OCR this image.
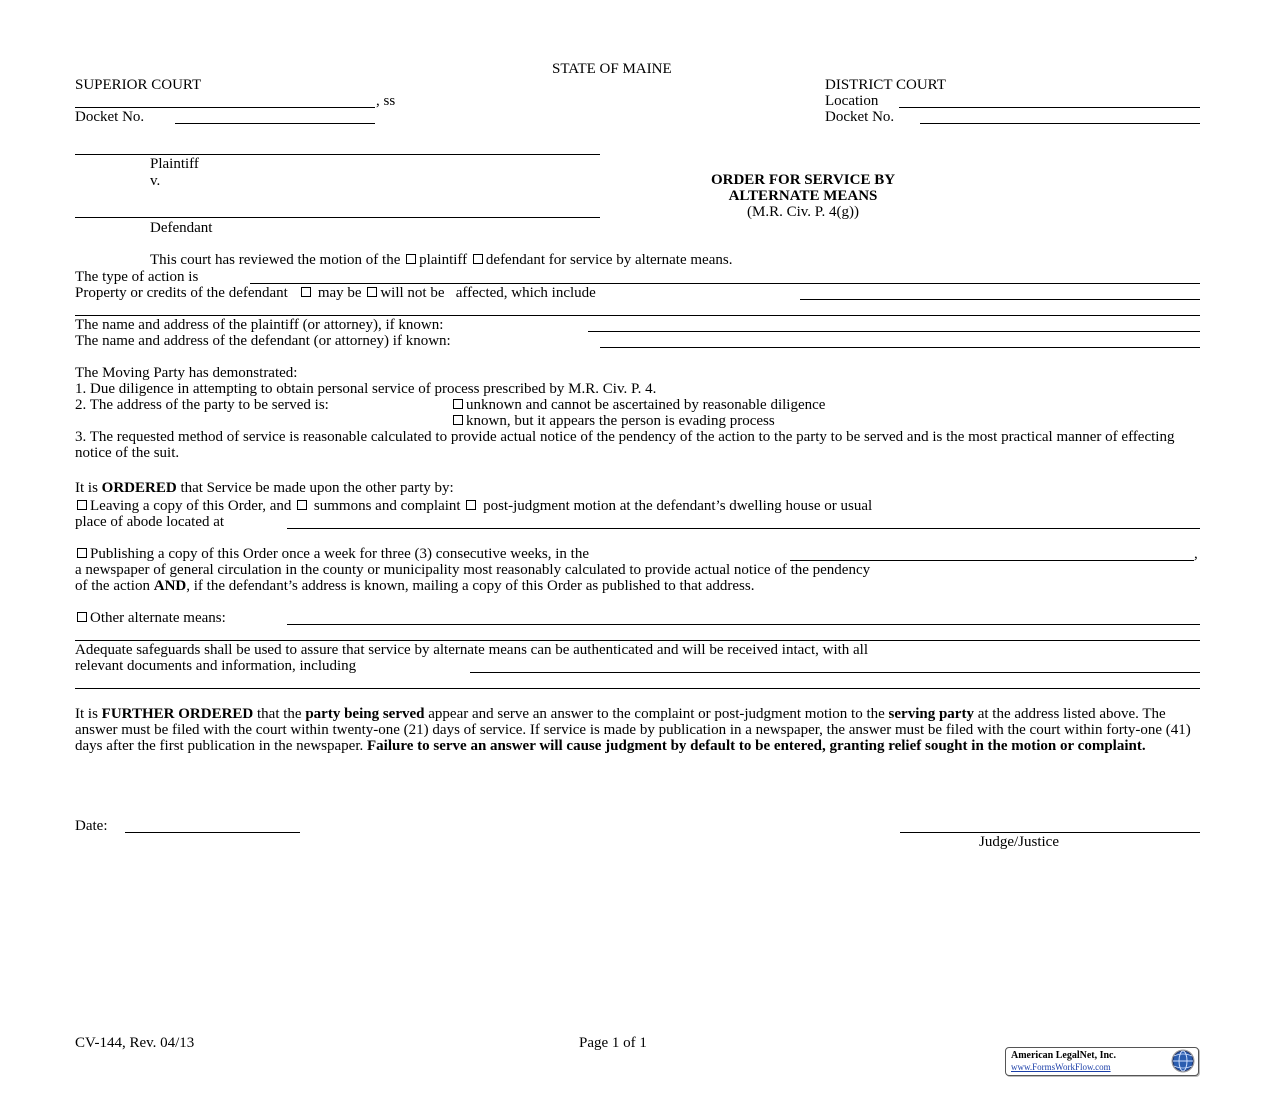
STATE OF MAINE
SUPERIOR COURT
, ss
Docket No.
DISTRICT COURT
Location
Docket No.
Plaintiff
v.
Defendant
ORDER FOR SERVICE BY
ALTERNATE MEANS
(M.R. Civ. P. 4(g))
This court has reviewed the motion of the plaintiff defendant for service by alternate means.
The type of action is
Property or credits of the defendant may be will not be affected, which include
The name and address of the plaintiff (or attorney), if known:
The name and address of the defendant (or attorney) if known:
The Moving Party has demonstrated:
1. Due diligence in attempting to obtain personal service of process prescribed by M.R. Civ. P. 4.
2. The address of the party to be served is:	unknown and cannot be ascertained by reasonable diligence
known, but it appears the person is evading process
3. The requested method of service is reasonable calculated to provide actual notice of the pendency of the action to the party to be served and is the most practical manner of effecting notice of the suit.
It is ORDERED that Service be made upon the other party by:
Leaving a copy of this Order, and summons and complaint post-judgment motion at the defendant’s dwelling house or usual
place of abode located at
Publishing a copy of this Order once a week for three (3) consecutive weeks, in the	,
a newspaper of general circulation in the county or municipality most reasonably calculated to provide actual notice of the pendency
of the action AND, if the defendant’s address is known, mailing a copy of this Order as published to that address.
Other alternate means:
Adequate safeguards shall be used to assure that service by alternate means can be authenticated and will be received intact, with all
relevant documents and information, including
It is FURTHER ORDERED that the party being served appear and serve an answer to the complaint or post-judgment motion to the serving party at the address listed above. The answer must be filed with the court within twenty-one (21) days of service. If service is made by publication in a newspaper, the answer must be filed with the court within forty-one (41) days after the first publication in the newspaper. Failure to serve an answer will cause judgment by default to be entered, granting relief sought in the motion or complaint.
Date:
Judge/Justice
CV-144, Rev. 04/13	Page 1 of 1
American LegalNet, Inc.
www.FormsWorkFlow.com
